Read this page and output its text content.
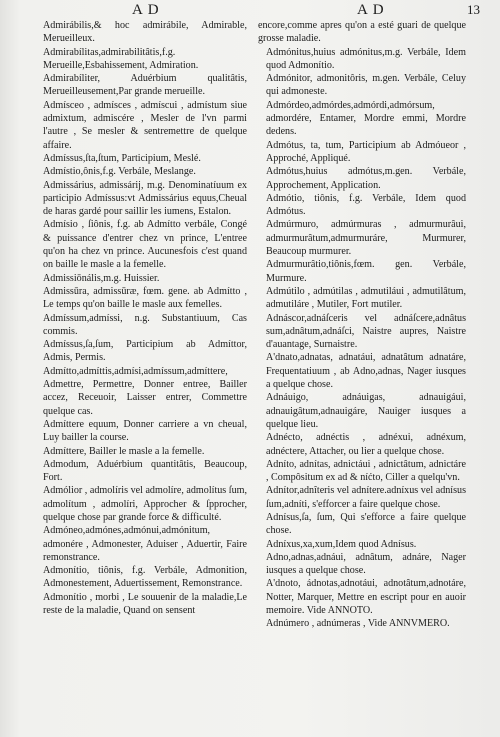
A D	A D	13

Admirábilis,& hoc admirábile, Admirable, Merueilleux.

Admirabílitas,admirabilitâtis,f.g. Merueille,Esbahissement, Admiration.

Admirabíliter, Aduérbium qualitâtis, Merueilleusement,Par grande merueille.

Admísceo , admísces , admíscui , admístum siue admixtum, admiscére , Mesler de l'vn parmi l'autre , Se mesler & sentremettre de quelque affaire.

Admíssus,ſta,ſtum, Participium, Meslé.

Admístio,ônis,f.g. Verbále, Meslange.

Admissárius, admissárij, m.g. Denominatíuum ex participio Admíssus:vt Admissárius equus,Cheual de haras gardé pour saillir les iumens, Estalon.

Admísio , ſiônis, f.g. ab Admítto verbále, Congé & puissance d'entrer chez vn prince, L'entree qu'on ha chez vn prince. Aucunesfois c'est quand on baille le masle a la femelle.

Admissiōnális,m.g. Huissier.

Admissūra, admissūræ, fœm. gene. ab Admítto , Le temps qu'on baille le masle aux femelles.

Admíssum,admíssi, n.g. Substantiuum, Cas commis.

Admíssus,ſa,ſum, Participium ab Admíttor, Admis, Permis.

Admítto,admíttis,admísi,admíssum,admíttere, Admettre, Permettre, Donner entree, Bailler accez, Receuoir, Laisser entrer, Commettre quelque cas.

Admíttere equum, Donner carriere a vn cheual, Luy bailler la course.

Admíttere, Bailler le masle a la femelle.

Admodum, Aduérbium quantitâtis, Beaucoup, Fort.

Admólior , admolíris vel admolíre, admolítus ſum, admolítum , admolíri, Approcher & ſpprocher, quelque chose par grande force & difficulté.

Admóneo,admónes,admónui,admónitum, admonére , Admonester, Aduiser , Aduertir, Faire remonstrance.

Admonítio, tiônis, f.g. Verbále, Admonition, Admonestement, Aduertissement, Remonstrance.

Admonítio , morbi , Le souuenir de la maladie,Le reste de la maladie, Quand on sensent

encore,comme apres qu'on a esté guari de quelque grosse maladie.

Admónitus,huius admónitus,m.g. Verbále, Idem quod Admonítio.

Admónitor, admonitôris, m.gen. Verbále, Celuy qui admoneste.

Admórdeo,admórdes,admórdi,admórsum, admordére, Entamer, Mordre emmi, Mordre dedens.

Admótus, ta, tum, Participium ab Admóueor , Approché, Appliqué.

Admótus,huius admótus,m.gen. Verbále, Approchement, Application.

Admótio, tiônis, f.g. Verbále, Idem quod Admótus.

Admúrmuro, admúrmuras , admurmurâui, admurmurâtum,admurmuráre, Murmurer, Beaucoup murmurer.

Admurmurâtio,tiônis,fœm. gen. Verbále, Murmure.

Admútilo , admútilas , admutiláui , admutilâtum, admutiláre , Mutiler, Fort mutiler.

Adnáscor,adnáſceris vel adnáſcere,adnâtus sum,adnâtum,adnáſci, Naistre aupres, Naistre d'auantage, Surnaistre.

A'dnato,adnatas, adnatáui, adnatâtum adnatáre, Frequentatiuum , ab Adno,adnas, Nager iusques a quelque chose.

Adnáuigo, adnáuigas, adnauigáui, adnauigâtum,adnauigáre, Nauiger iusques a quelque lieu.

Adnécto, adnéctis , adnéxui, adnéxum, adnéctere, Attacher, ou lier a quelque chose.

Adníto, adnítas, adnictáui , adnictâtum, adnictáre , Compôsitum ex ad & níćto, Ciller a quelqu'vn.

Adnítor,adnîteris vel adnítere.adníxus vel adnísus ſum,adníti, s'efforcer a faire quelque chose.

Adnísus,ſa, ſum, Qui s'efforce a faire quelque chose.

Adníxus,xa,xum,Idem quod Adnísus.

Adno,adnas,adnáui, adnâtum, adnáre, Nager iusques a quelque chose.

A'dnoto, ádnotas,adnotáui, adnotâtum,adnotáre, Notter, Marquer, Mettre en escript pour en auoir memoire. Vide ANNOTO.

Adnúmero , adnúmeras , Vide ANNVMERO.
